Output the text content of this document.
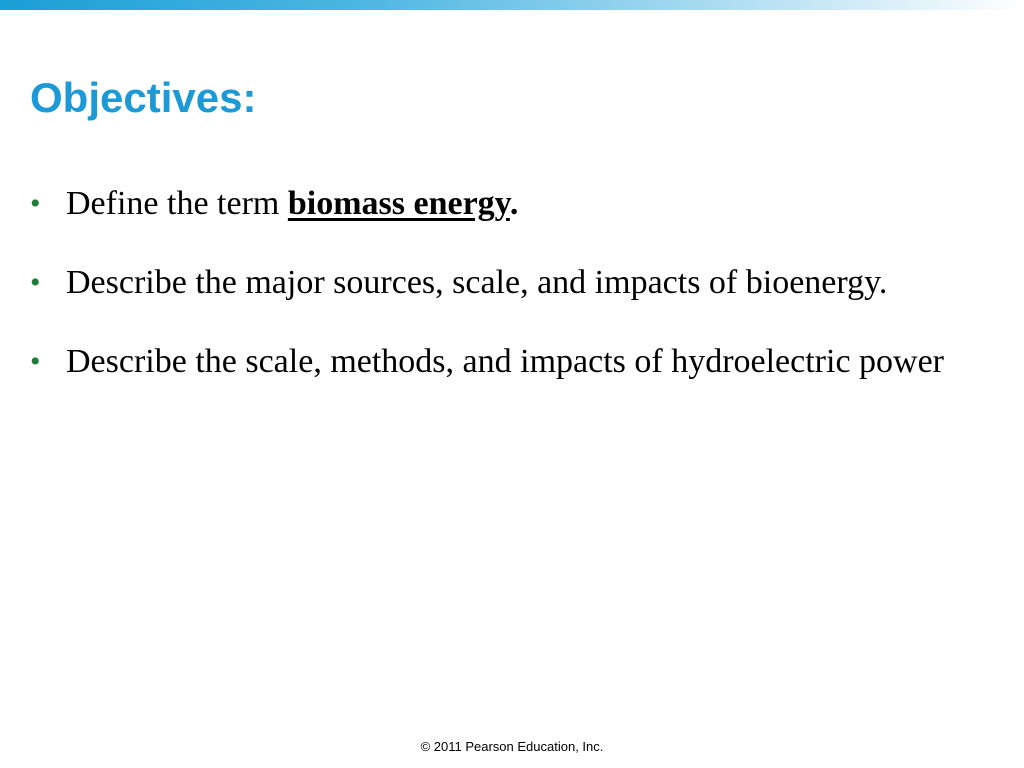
Objectives:
• Define the term biomass energy.
• Describe the major sources, scale, and impacts of bioenergy.
• Describe the scale, methods, and impacts of hydroelectric power
© 2011 Pearson Education, Inc.
